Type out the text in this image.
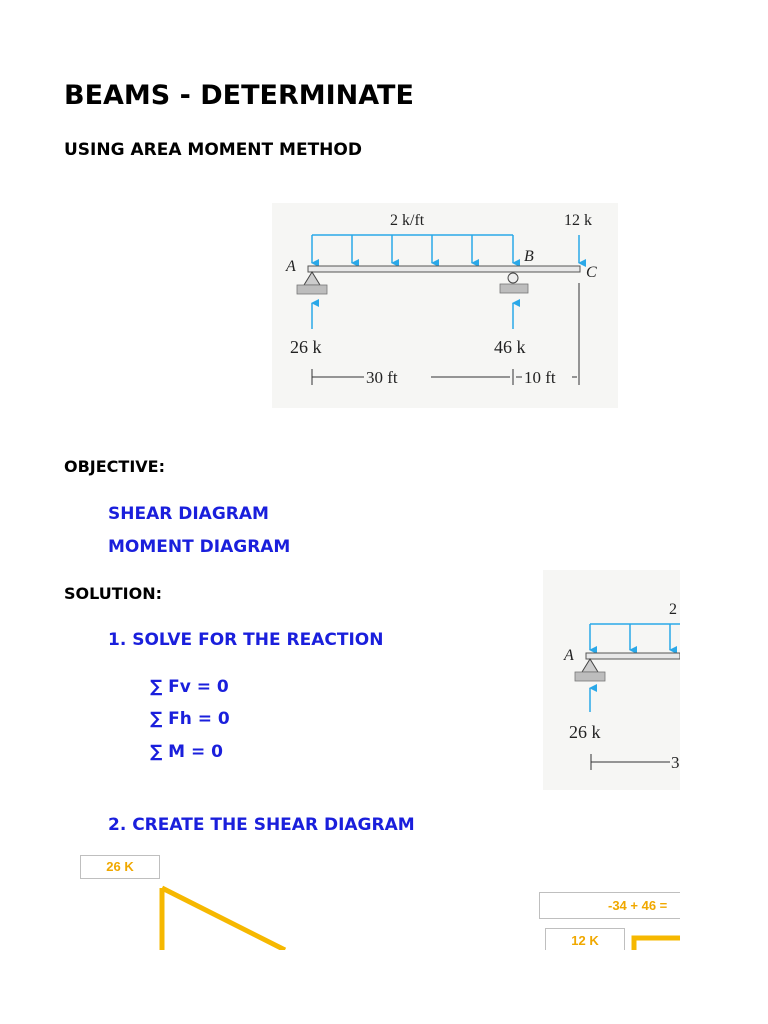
BEAMS - DETERMINATE
USING AREA MOMENT METHOD
2 k/ft	12 k
A
B
C
26 k	46 k
30 ft	10 ft
OBJECTIVE:
SHEAR DIAGRAM
MOMENT DIAGRAM
SOLUTION:
1. SOLVE FOR THE REACTION
∑ Fv = 0
∑ Fh = 0
∑ M = 0
2
A
26 k
3
2. CREATE THE SHEAR DIAGRAM
26 K
-34 + 46 =
12 K
